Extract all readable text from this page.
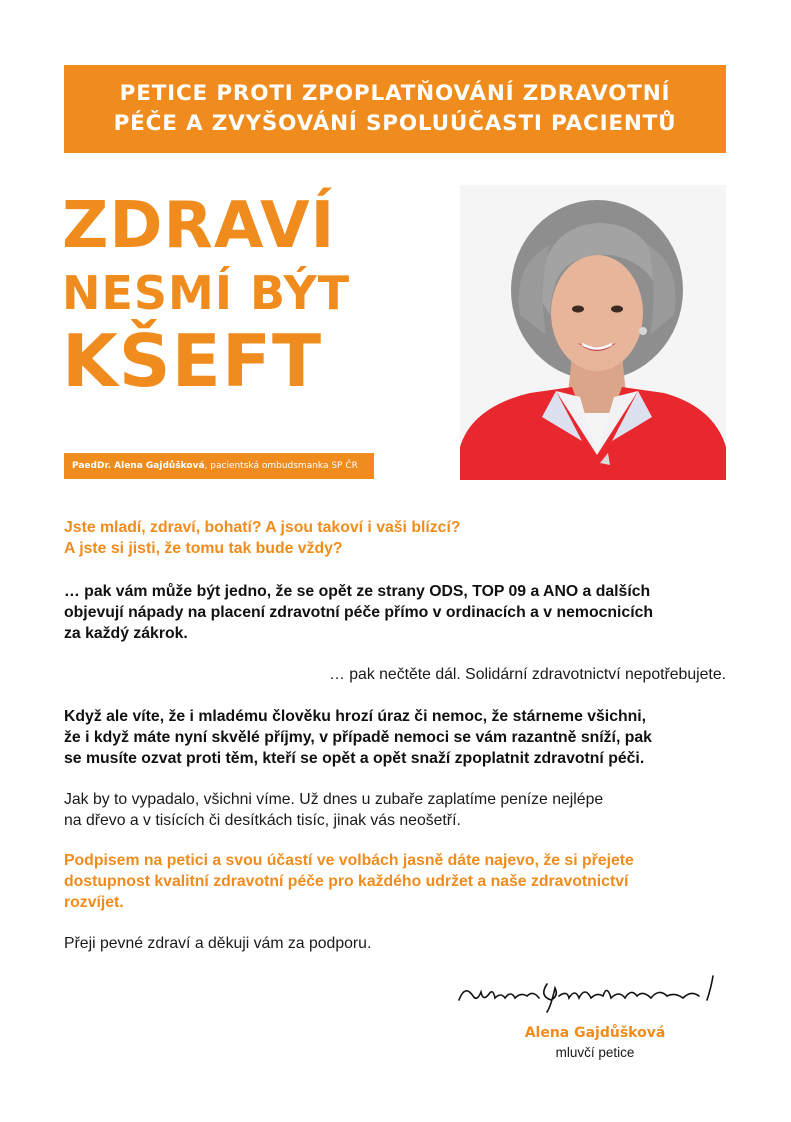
PETICE PROTI ZPOPLATŇOVÁNÍ ZDRAVOTNÍ
PÉČE A ZVYŠOVÁNÍ SPOLUÚČASTI PACIENTŮ
ZDRAVÍ
NESMÍ BÝT
KŠEFT
PaedDr. Alena Gajdůšková, pacientská ombudsmanka SP ČR

Jste mladí, zdraví, bohatí? A jsou takoví i vaši blízcí?
A jste si jisti, že tomu tak bude vždy?

… pak vám může být jedno, že se opět ze strany ODS, TOP 09 a ANO a dalších
objevují nápady na placení zdravotní péče přímo v ordinacích a v nemocnicích
za každý zákrok.

… pak nečtěte dál. Solidární zdravotnictví nepotřebujete.

Když ale víte, že i mladému člověku hrozí úraz či nemoc, že stárneme všichni,
že i když máte nyní skvělé příjmy, v případě nemoci se vám razantně sníží, pak
se musíte ozvat proti těm, kteří se opět a opět snaží zpoplatnit zdravotní péči.

Jak by to vypadalo, všichni víme. Už dnes u zubaře zaplatíme peníze nejlépe
na dřevo a v tisících či desítkách tisíc, jinak vás neošetří.

Podpisem na petici a svou účastí ve volbách jasně dáte najevo, že si přejete
dostupnost kvalitní zdravotní péče pro každého udržet a naše zdravotnictví
rozvíjet.

Přeji pevné zdraví a děkuji vám za podporu.

Alena Gajdůšková
mluvčí petice
